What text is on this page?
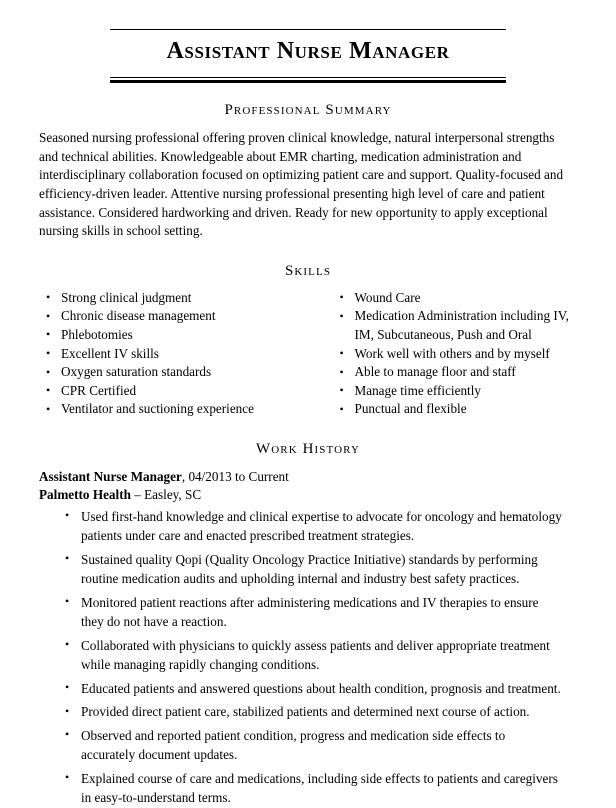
Assistant Nurse Manager
Professional Summary

Seasoned nursing professional offering proven clinical knowledge, natural interpersonal strengths and technical abilities. Knowledgeable about EMR charting, medication administration and interdisciplinary collaboration focused on optimizing patient care and support. Quality-focused and efficiency-driven leader. Attentive nursing professional presenting high level of care and patient assistance. Considered hardworking and driven. Ready for new opportunity to apply exceptional nursing skills in school setting.

Skills
• Strong clinical judgment
• Chronic disease management
• Phlebotomies
• Excellent IV skills
• Oxygen saturation standards
• CPR Certified
• Ventilator and suctioning experience
• Wound Care
• Medication Administration including IV, IM, Subcutaneous, Push and Oral
• Work well with others and by myself
• Able to manage floor and staff
• Manage time efficiently
• Punctual and flexible
Work History
Assistant Nurse Manager, 04/2013 to Current
Palmetto Health – Easley, SC
• Used first-hand knowledge and clinical expertise to advocate for oncology and hematology patients under care and enacted prescribed treatment strategies.
• Sustained quality Qopi (Quality Oncology Practice Initiative) standards by performing routine medication audits and upholding internal and industry best safety practices.
• Monitored patient reactions after administering medications and IV therapies to ensure they do not have a reaction.
• Collaborated with physicians to quickly assess patients and deliver appropriate treatment while managing rapidly changing conditions.
• Educated patients and answered questions about health condition, prognosis and treatment.
• Provided direct patient care, stabilized patients and determined next course of action.
• Observed and reported patient condition, progress and medication side effects to accurately document updates.
• Explained course of care and medications, including side effects to patients and caregivers in easy-to-understand terms.
